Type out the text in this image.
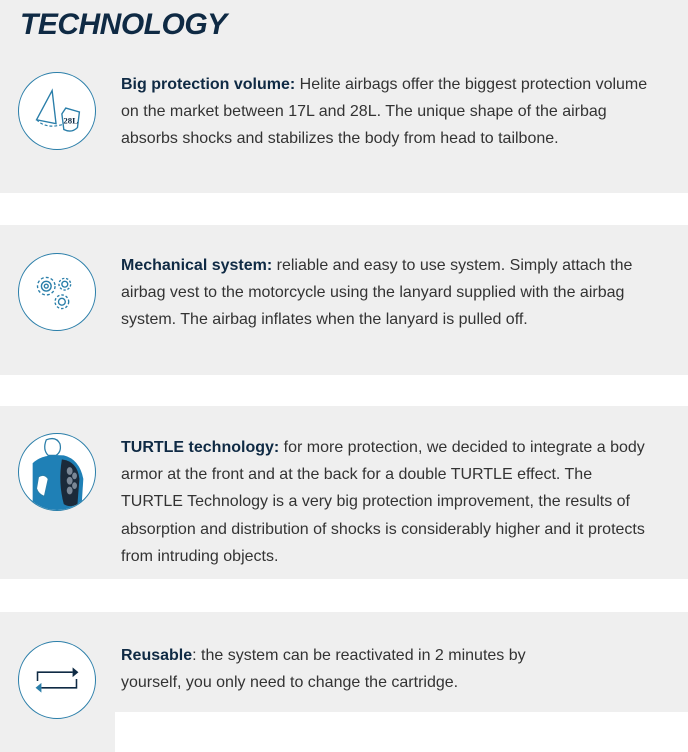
TECHNOLOGY
28L
Big protection volume: Helite airbags offer the biggest protection volume on the market between 17L and 28L. The unique shape of the airbag absorbs shocks and stabilizes the body from head to tailbone.
Mechanical system: reliable and easy to use system. Simply attach the airbag vest to the motorcycle using the lanyard supplied with the airbag system. The airbag inflates when the lanyard is pulled off.
TURTLE technology: for more protection, we decided to integrate a body armor at the front and at the back for a double TURTLE effect. The TURTLE Technology is a very big protection improvement, the results of absorption and distribution of shocks is considerably higher and it protects from intruding objects.
Reusable: the system can be reactivated in 2 minutes by yourself, you only need to change the cartridge.
